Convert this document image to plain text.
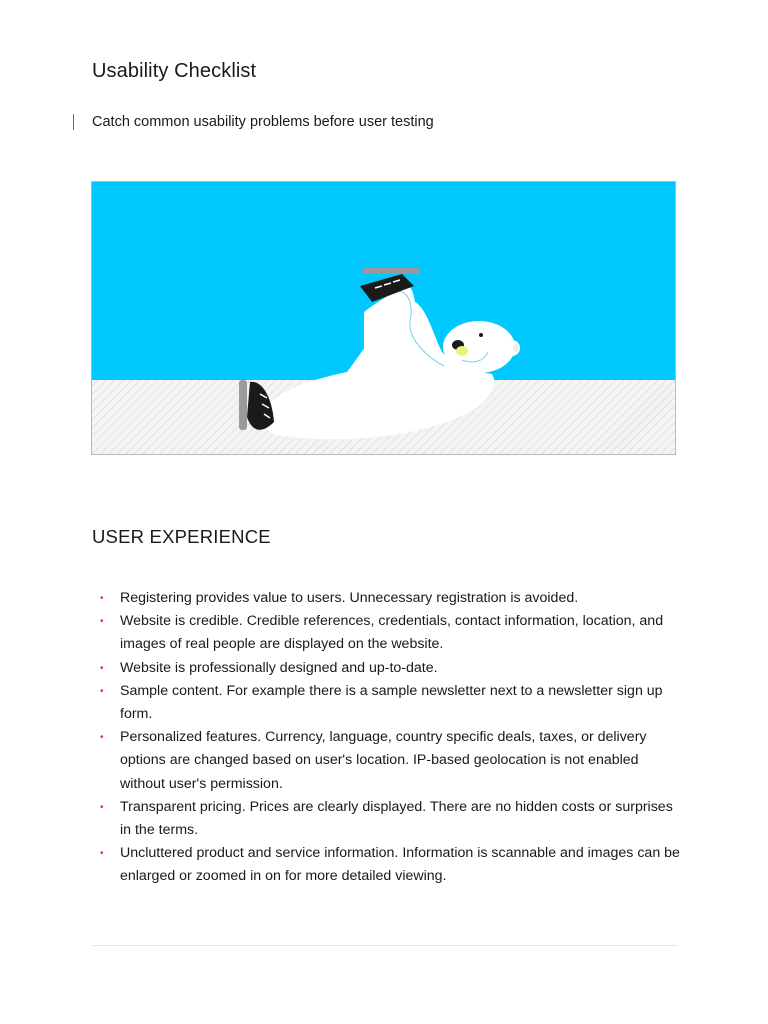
Usability Checklist

Catch common usability problems before user testing

USER EXPERIENCE
• Registering provides value to users. Unnecessary registration is avoided.
• Website is credible. Credible references, credentials, contact information, location, and images of real people are displayed on the website.
• Website is professionally designed and up-to-date.
• Sample content. For example there is a sample newsletter next to a newsletter sign up form.
• Personalized features. Currency, language, country specific deals, taxes, or delivery options are changed based on user's location. IP-based geolocation is not enabled without user's permission.
• Transparent pricing. Prices are clearly displayed. There are no hidden costs or surprises in the terms.
• Uncluttered product and service information. Information is scannable and images can be enlarged or zoomed in on for more detailed viewing.
